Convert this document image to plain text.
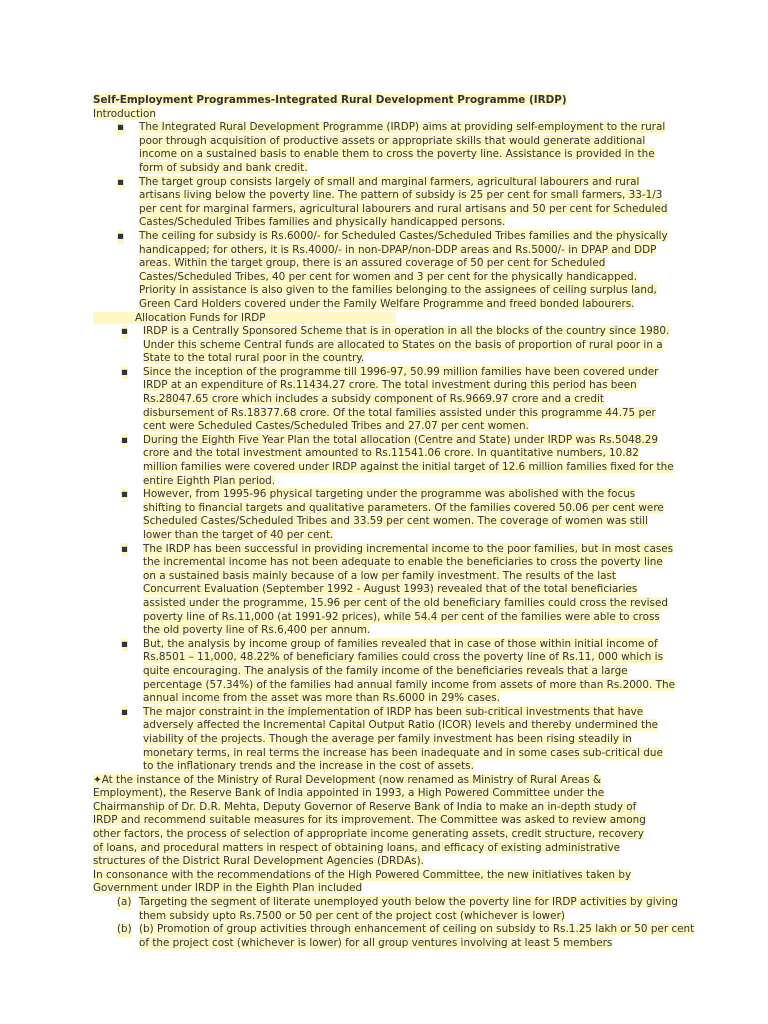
Self-Employment Programmes-Integrated Rural Development Programme (IRDP)
Introduction
▪ The Integrated Rural Development Programme (IRDP) aims at providing self-employment to the rural poor through acquisition of productive assets or appropriate skills that would generate additional income on a sustained basis to enable them to cross the poverty line. Assistance is provided in the form of subsidy and bank credit.
▪ The target group consists largely of small and marginal farmers, agricultural labourers and rural artisans living below the poverty line. The pattern of subsidy is 25 per cent for small farmers, 33-1/3 per cent for marginal farmers, agricultural labourers and rural artisans and 50 per cent for Scheduled Castes/Scheduled Tribes families and physically handicapped persons.
▪ The ceiling for subsidy is Rs.6000/- for Scheduled Castes/Scheduled Tribes families and the physically handicapped; for others, it is Rs.4000/- in non-DPAP/non-DDP areas and Rs.5000/- in DPAP and DDP areas. Within the target group, there is an assured coverage of 50 per cent for Scheduled Castes/Scheduled Tribes, 40 per cent for women and 3 per cent for the physically handicapped. Priority in assistance is also given to the families belonging to the assignees of ceiling surplus land, Green Card Holders covered under the Family Welfare Programme and freed bonded labourers.
Allocation Funds for IRDP
▪ IRDP is a Centrally Sponsored Scheme that is in operation in all the blocks of the country since 1980. Under this scheme Central funds are allocated to States on the basis of proportion of rural poor in a State to the total rural poor in the country.
▪ Since the inception of the programme till 1996-97, 50.99 million families have been covered under IRDP at an expenditure of Rs.11434.27 crore. The total investment during this period has been Rs.28047.65 crore which includes a subsidy component of Rs.9669.97 crore and a credit disbursement of Rs.18377.68 crore. Of the total families assisted under this programme 44.75 per cent were Scheduled Castes/Scheduled Tribes and 27.07 per cent women.
▪ During the Eighth Five Year Plan the total allocation (Centre and State) under IRDP was Rs.5048.29 crore and the total investment amounted to Rs.11541.06 crore. In quantitative numbers, 10.82 million families were covered under IRDP against the initial target of 12.6 million families fixed for the entire Eighth Plan period.
▪ However, from 1995-96 physical targeting under the programme was abolished with the focus shifting to financial targets and qualitative parameters. Of the families covered 50.06 per cent were Scheduled Castes/Scheduled Tribes and 33.59 per cent women. The coverage of women was still lower than the target of 40 per cent.
▪ The IRDP has been successful in providing incremental income to the poor families, but in most cases the incremental income has not been adequate to enable the beneficiaries to cross the poverty line on a sustained basis mainly because of a low per family investment. The results of the last Concurrent Evaluation (September 1992 - August 1993) revealed that of the total beneficiaries assisted under the programme, 15.96 per cent of the old beneficiary families could cross the revised poverty line of Rs.11,000 (at 1991-92 prices), while 54.4 per cent of the families were able to cross the old poverty line of Rs.6,400 per annum.
▪ But, the analysis by income group of families revealed that in case of those within initial income of Rs.8501 – 11,000, 48.22% of beneficiary families could cross the poverty line of Rs.11, 000 which is quite encouraging. The analysis of the family income of the beneficiaries reveals that a large percentage (57.34%) of the families had annual family income from assets of more than Rs.2000. The annual income from the asset was more than Rs.6000 in 29% cases.
▪ The major constraint in the implementation of IRDP has been sub-critical investments that have adversely affected the Incremental Capital Output Ratio (ICOR) levels and thereby undermined the viability of the projects. Though the average per family investment has been rising steadily in monetary terms, in real terms the increase has been inadequate and in some cases sub-critical due to the inflationary trends and the increase in the cost of assets.
✦At the instance of the Ministry of Rural Development (now renamed as Ministry of Rural Areas & Employment), the Reserve Bank of India appointed in 1993, a High Powered Committee under the Chairmanship of Dr. D.R. Mehta, Deputy Governor of Reserve Bank of India to make an in-depth study of IRDP and recommend suitable measures for its improvement. The Committee was asked to review among other factors, the process of selection of appropriate income generating assets, credit structure, recovery of loans, and procedural matters in respect of obtaining loans, and efficacy of existing administrative structures of the District Rural Development Agencies (DRDAs).
In consonance with the recommendations of the High Powered Committee, the new initiatives taken by Government under IRDP in the Eighth Plan included
(a) Targeting the segment of literate unemployed youth below the poverty line for IRDP activities by giving them subsidy upto Rs.7500 or 50 per cent of the project cost (whichever is lower)
(b) (b) Promotion of group activities through enhancement of ceiling on subsidy to Rs.1.25 lakh or 50 per cent of the project cost (whichever is lower) for all group ventures involving at least 5 members
